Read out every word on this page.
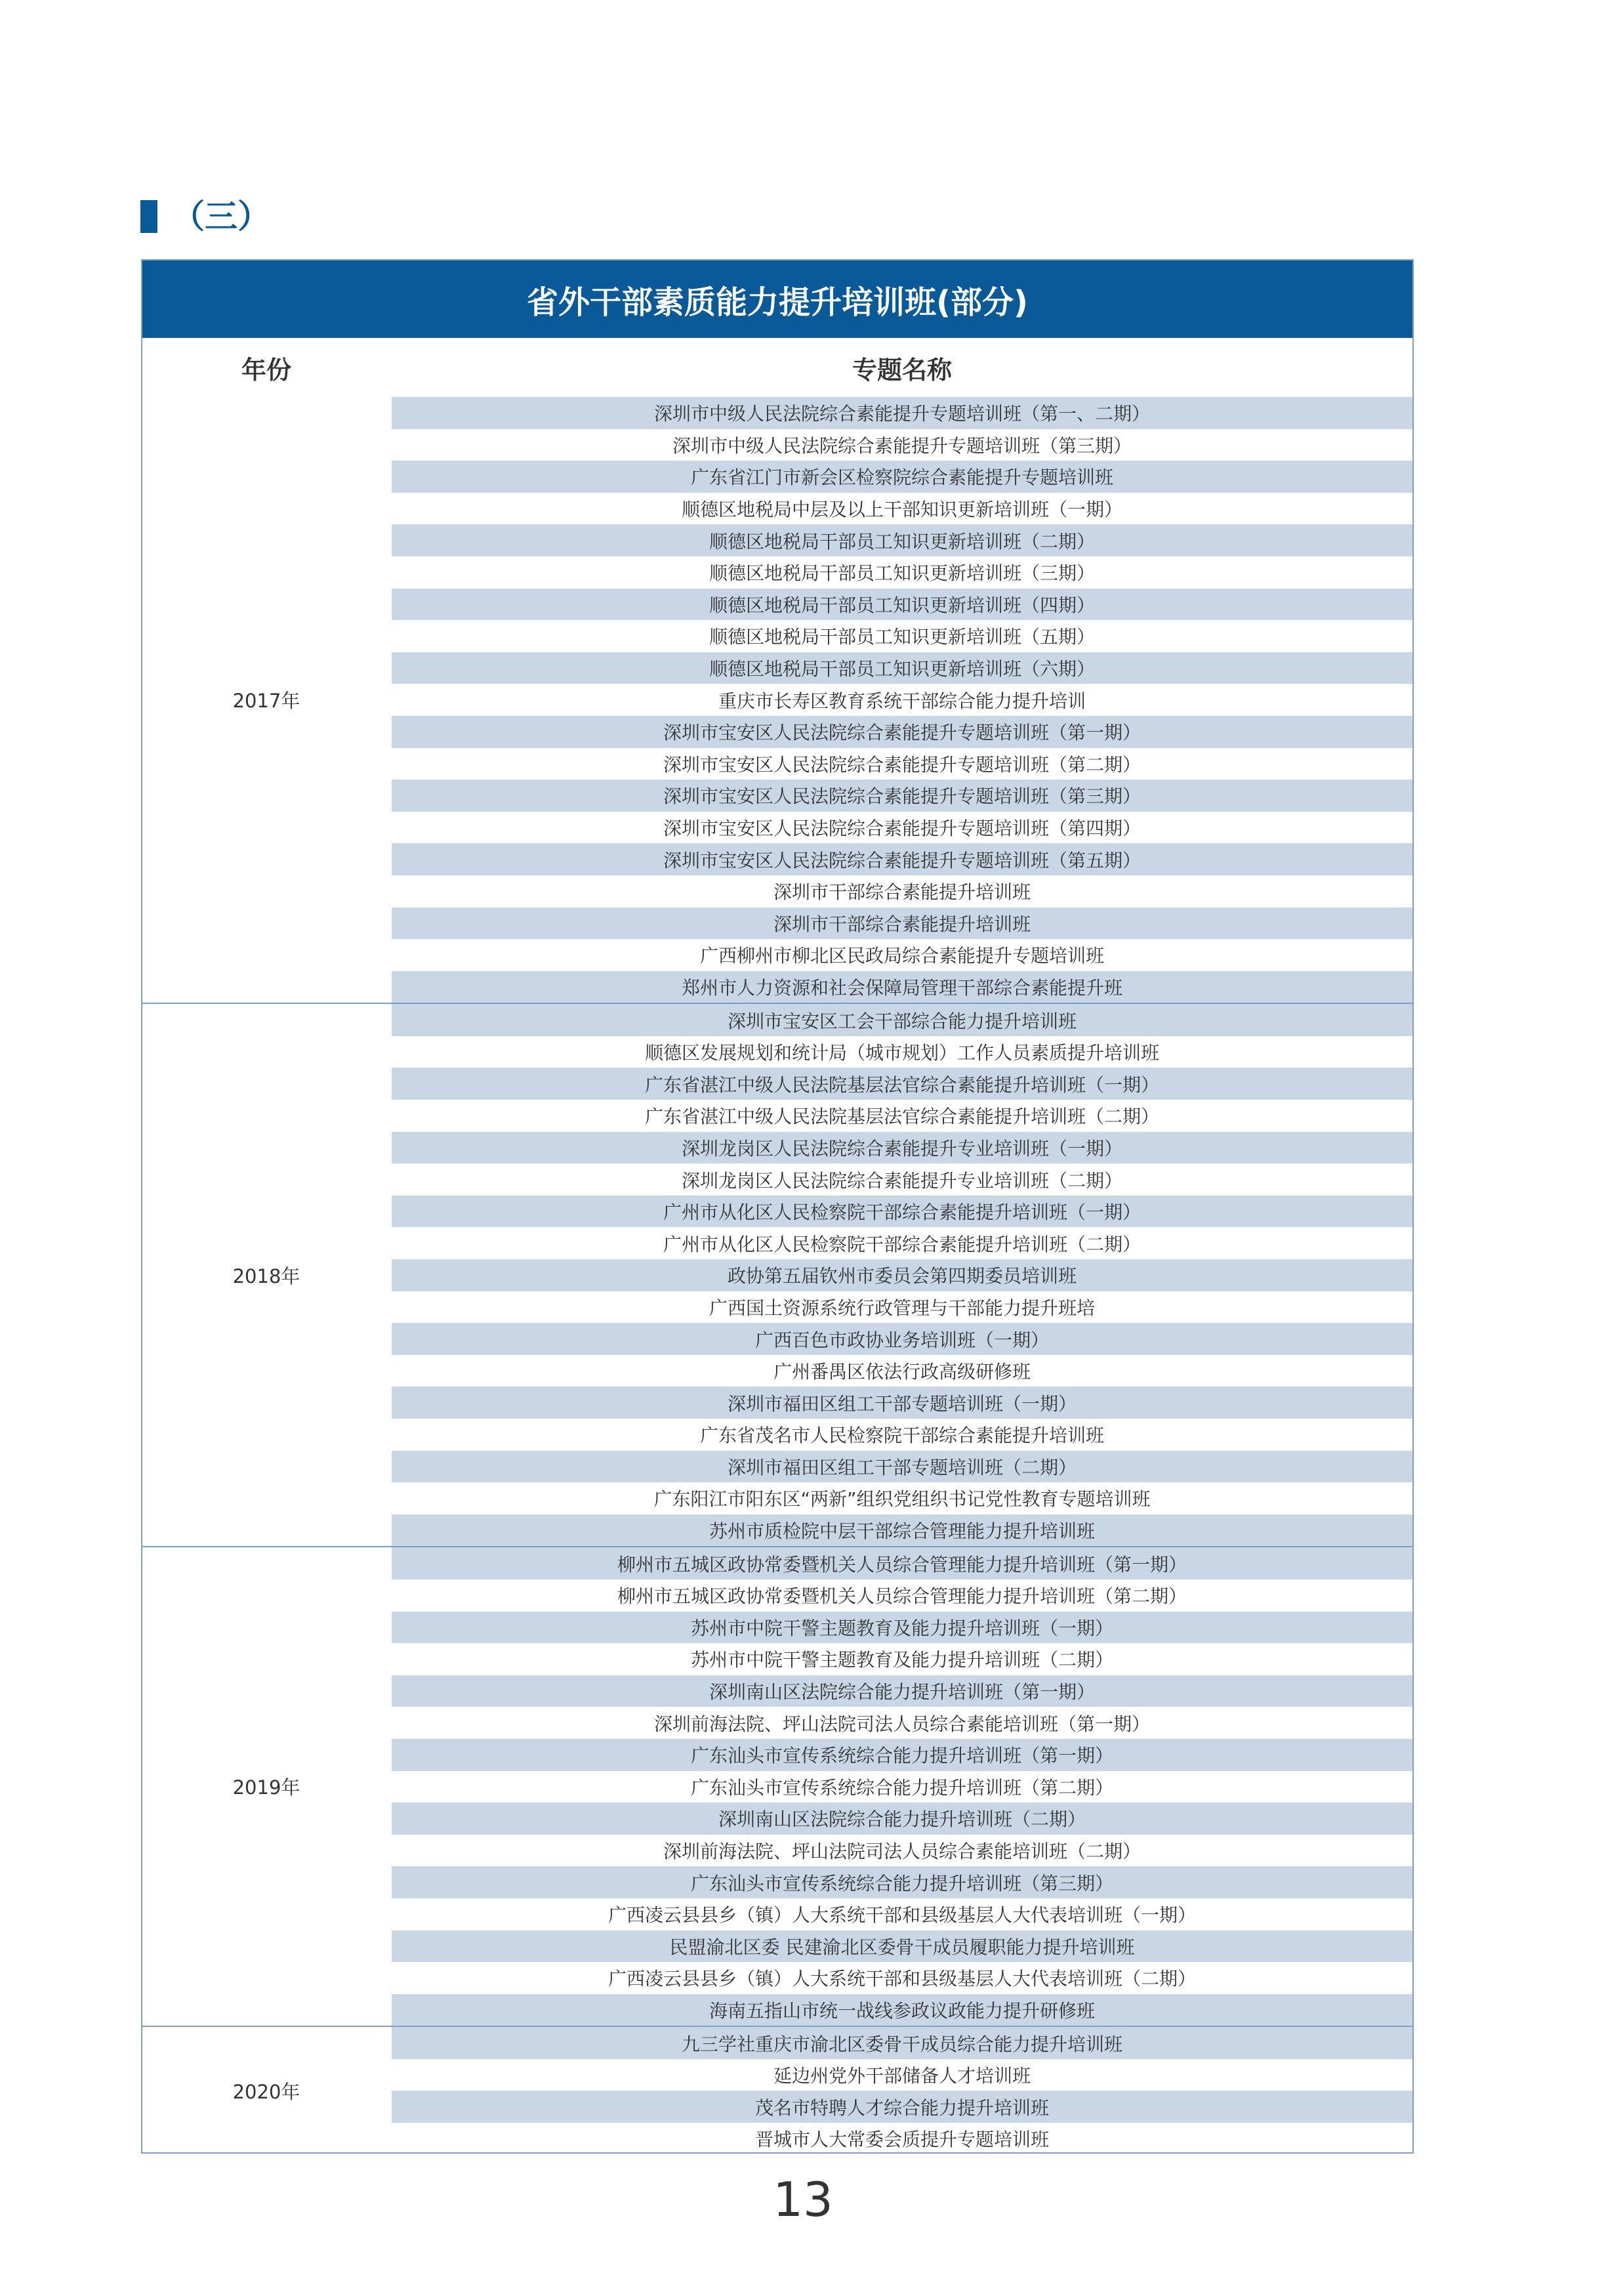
（三）
省外干部素质能力提升培训班(部分)
年份	专题名称
2017年
深圳市中级人民法院综合素能提升专题培训班（第一、二期）
深圳市中级人民法院综合素能提升专题培训班（第三期）
广东省江门市新会区检察院综合素能提升专题培训班
顺德区地税局中层及以上干部知识更新培训班（一期）
顺德区地税局干部员工知识更新培训班（二期）
顺德区地税局干部员工知识更新培训班（三期）
顺德区地税局干部员工知识更新培训班（四期）
顺德区地税局干部员工知识更新培训班（五期）
顺德区地税局干部员工知识更新培训班（六期）
重庆市长寿区教育系统干部综合能力提升培训
深圳市宝安区人民法院综合素能提升专题培训班（第一期）
深圳市宝安区人民法院综合素能提升专题培训班（第二期）
深圳市宝安区人民法院综合素能提升专题培训班（第三期）
深圳市宝安区人民法院综合素能提升专题培训班（第四期）
深圳市宝安区人民法院综合素能提升专题培训班（第五期）
深圳市干部综合素能提升培训班
深圳市干部综合素能提升培训班
广西柳州市柳北区民政局综合素能提升专题培训班
郑州市人力资源和社会保障局管理干部综合素能提升班
2018年
深圳市宝安区工会干部综合能力提升培训班
顺德区发展规划和统计局（城市规划）工作人员素质提升培训班
广东省湛江中级人民法院基层法官综合素能提升培训班（一期）
广东省湛江中级人民法院基层法官综合素能提升培训班（二期）
深圳龙岗区人民法院综合素能提升专业培训班（一期）
深圳龙岗区人民法院综合素能提升专业培训班（二期）
广州市从化区人民检察院干部综合素能提升培训班（一期）
广州市从化区人民检察院干部综合素能提升培训班（二期）
政协第五届钦州市委员会第四期委员培训班
广西国土资源系统行政管理与干部能力提升班培
广西百色市政协业务培训班（一期）
广州番禺区依法行政高级研修班
深圳市福田区组工干部专题培训班（一期）
广东省茂名市人民检察院干部综合素能提升培训班
深圳市福田区组工干部专题培训班（二期）
广东阳江市阳东区“两新”组织党组织书记党性教育专题培训班
苏州市质检院中层干部综合管理能力提升培训班
2019年
柳州市五城区政协常委暨机关人员综合管理能力提升培训班（第一期）
柳州市五城区政协常委暨机关人员综合管理能力提升培训班（第二期）
苏州市中院干警主题教育及能力提升培训班（一期）
苏州市中院干警主题教育及能力提升培训班（二期）
深圳南山区法院综合能力提升培训班（第一期）
深圳前海法院、坪山法院司法人员综合素能培训班（第一期）
广东汕头市宣传系统综合能力提升培训班（第一期）
广东汕头市宣传系统综合能力提升培训班（第二期）
深圳南山区法院综合能力提升培训班（二期）
深圳前海法院、坪山法院司法人员综合素能培训班（二期）
广东汕头市宣传系统综合能力提升培训班（第三期）
广西凌云县县乡（镇）人大系统干部和县级基层人大代表培训班（一期）
民盟渝北区委 民建渝北区委骨干成员履职能力提升培训班
广西凌云县县乡（镇）人大系统干部和县级基层人大代表培训班（二期）
海南五指山市统一战线参政议政能力提升研修班
2020年
九三学社重庆市渝北区委骨干成员综合能力提升培训班
延边州党外干部储备人才培训班
茂名市特聘人才综合能力提升培训班
晋城市人大常委会质提升专题培训班
13
